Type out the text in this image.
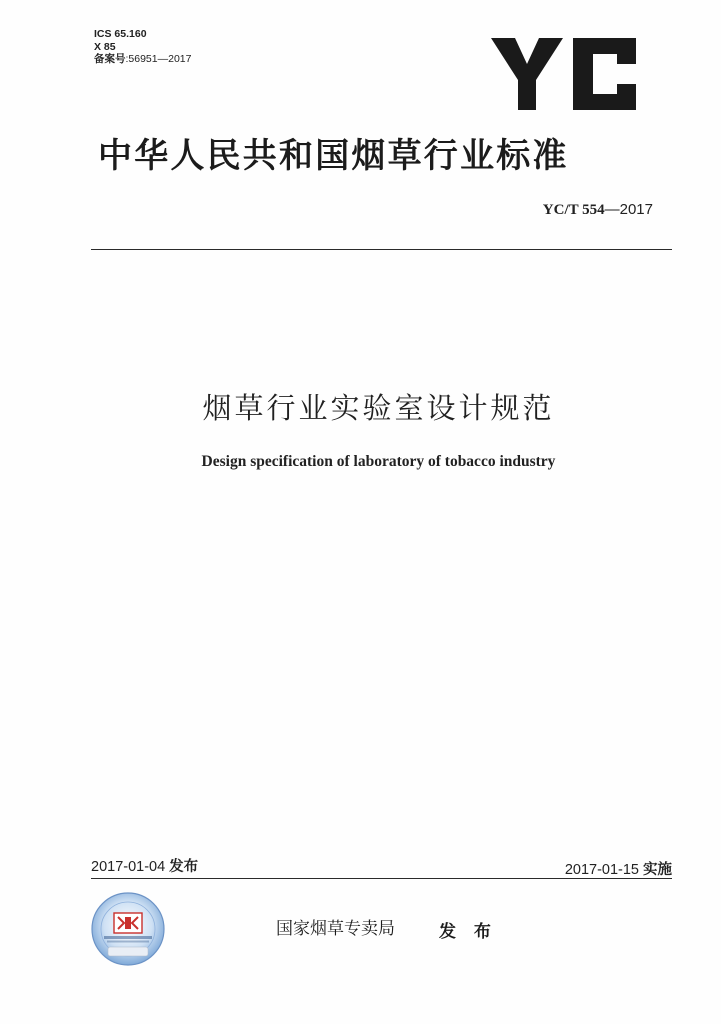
ICS 65.160
X 85
备案号:56951—2017
中华人民共和国烟草行业标准
YC/T 554—2017
烟草行业实验室设计规范
Design specification of laboratory of tobacco industry
2017-01-04 发布	2017-01-15 实施
国家烟草专卖局	发 布
